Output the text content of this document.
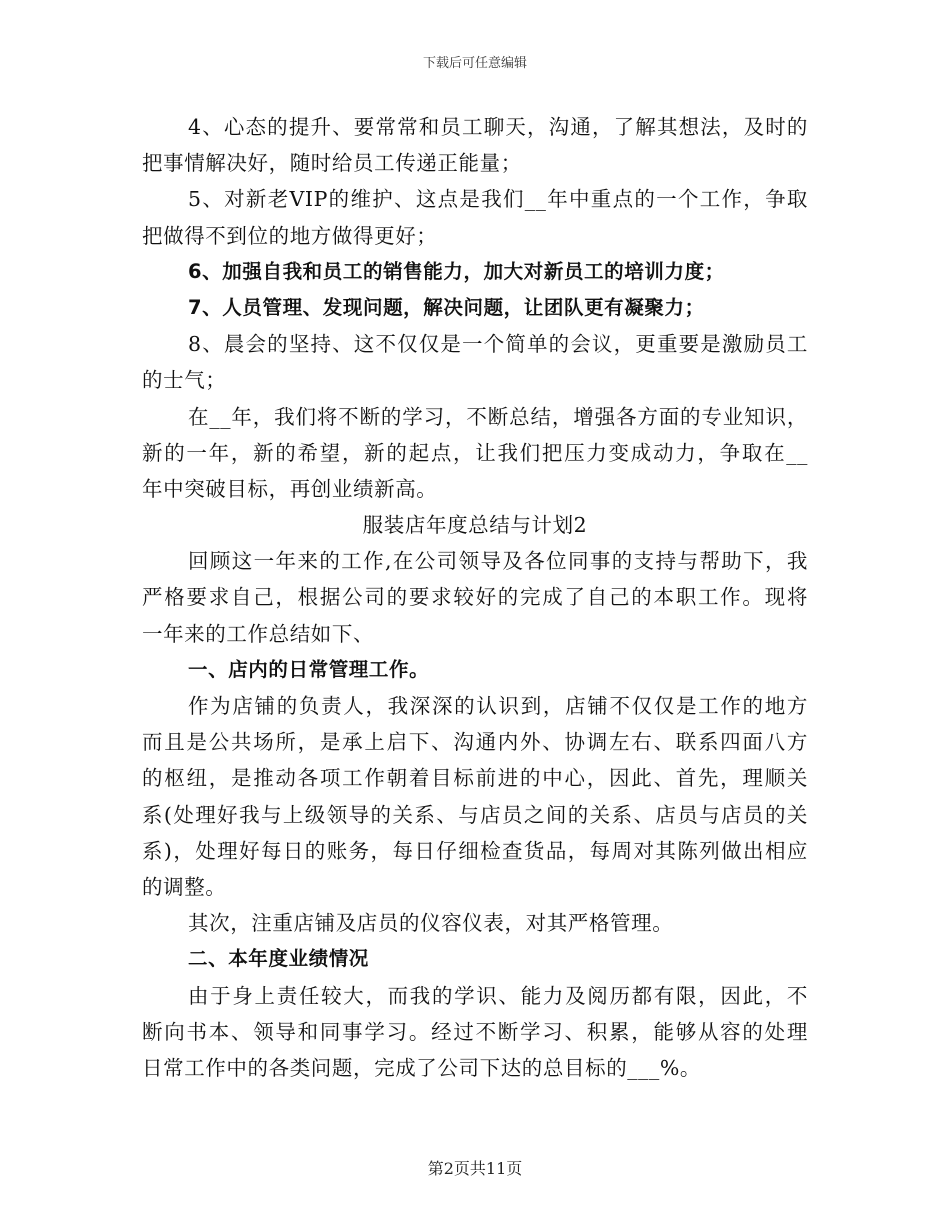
下载后可任意编辑
4、心态的提升、要常常和员工聊天，沟通，了解其想法，及时的
把事情解决好，随时给员工传递正能量；
5、对新老VIP的维护、这点是我们__年中重点的一个工作，争取
把做得不到位的地方做得更好；
6、加强自我和员工的销售能力，加大对新员工的培训力度；
7、人员管理、发现问题，解决问题，让团队更有凝聚力；
8、晨会的坚持、这不仅仅是一个简单的会议，更重要是激励员工
的士气；
在__年，我们将不断的学习，不断总结，增强各方面的专业知识，
新的一年，新的希望，新的起点，让我们把压力变成动力，争取在__
年中突破目标，再创业绩新高。
服装店年度总结与计划2
回顾这一年来的工作,在公司领导及各位同事的支持与帮助下，我
严格要求自己，根据公司的要求较好的完成了自己的本职工作。现将
一年来的工作总结如下、
一、店内的日常管理工作。
作为店铺的负责人，我深深的认识到，店铺不仅仅是工作的地方
而且是公共场所，是承上启下、沟通内外、协调左右、联系四面八方
的枢纽，是推动各项工作朝着目标前进的中心，因此、首先，理顺关
系(处理好我与上级领导的关系、与店员之间的关系、店员与店员的关
系)，处理好每日的账务，每日仔细检查货品，每周对其陈列做出相应
的调整。
其次，注重店铺及店员的仪容仪表，对其严格管理。
二、本年度业绩情况
由于身上责任较大，而我的学识、能力及阅历都有限，因此，不
断向书本、领导和同事学习。经过不断学习、积累，能够从容的处理
日常工作中的各类问题，完成了公司下达的总目标的___%。
第2页共11页
